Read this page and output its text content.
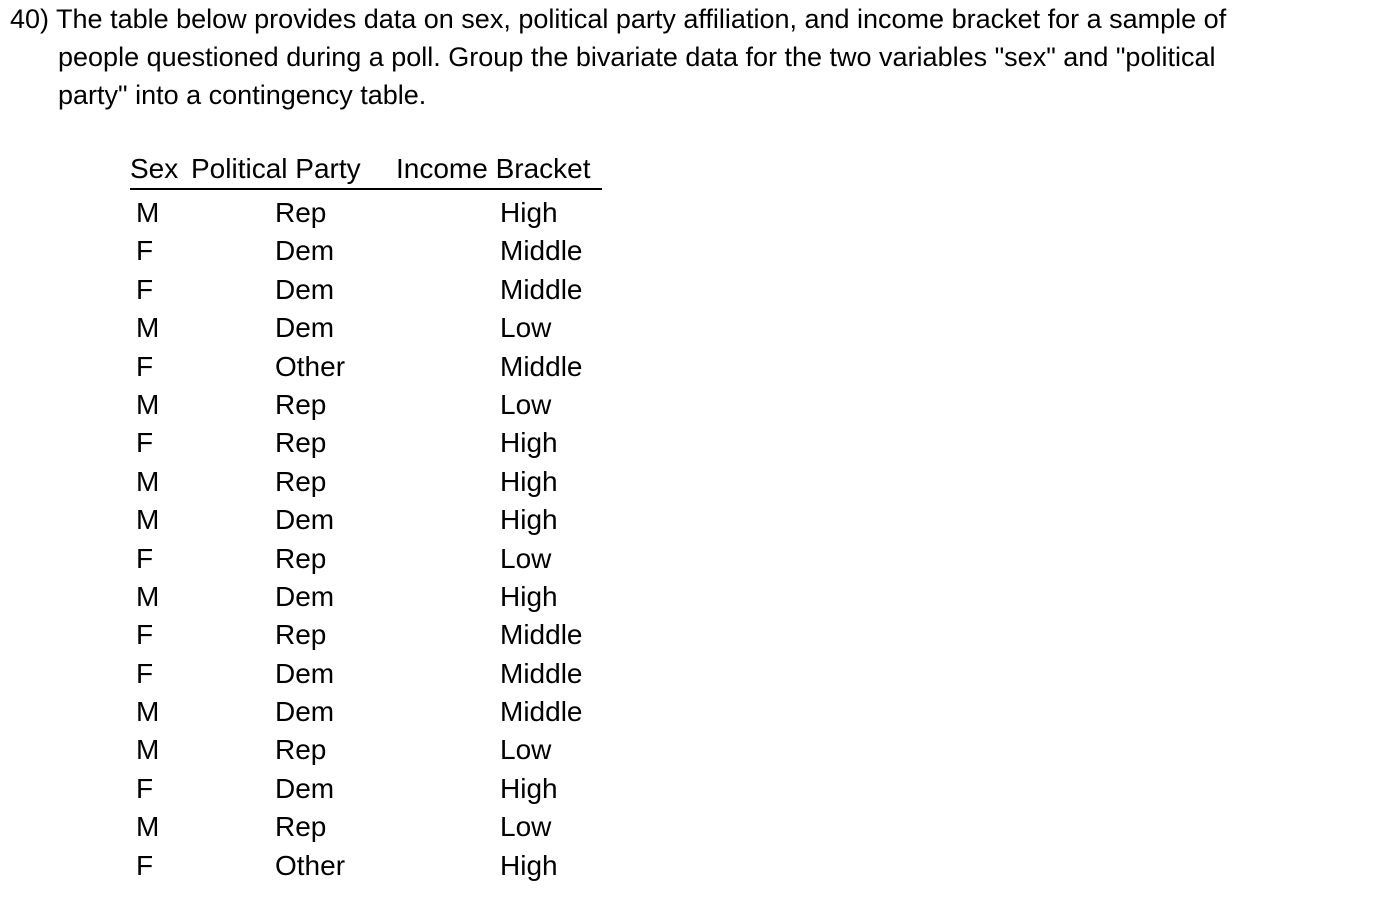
40) The table below provides data on sex, political party affiliation, and income bracket for a sample of
people questioned during a poll. Group the bivariate data for the two variables "sex" and "political
party" into a contingency table.
Sex Political Party Income Bracket
M	Rep	High
F	Dem	Middle
F	Dem	Middle
M	Dem	Low
F	Other	Middle
M	Rep	Low
F	Rep	High
M	Rep	High
M	Dem	High
F	Rep	Low
M	Dem	High
F	Rep	Middle
F	Dem	Middle
M	Dem	Middle
M	Rep	Low
F	Dem	High
M	Rep	Low
F	Other	High
